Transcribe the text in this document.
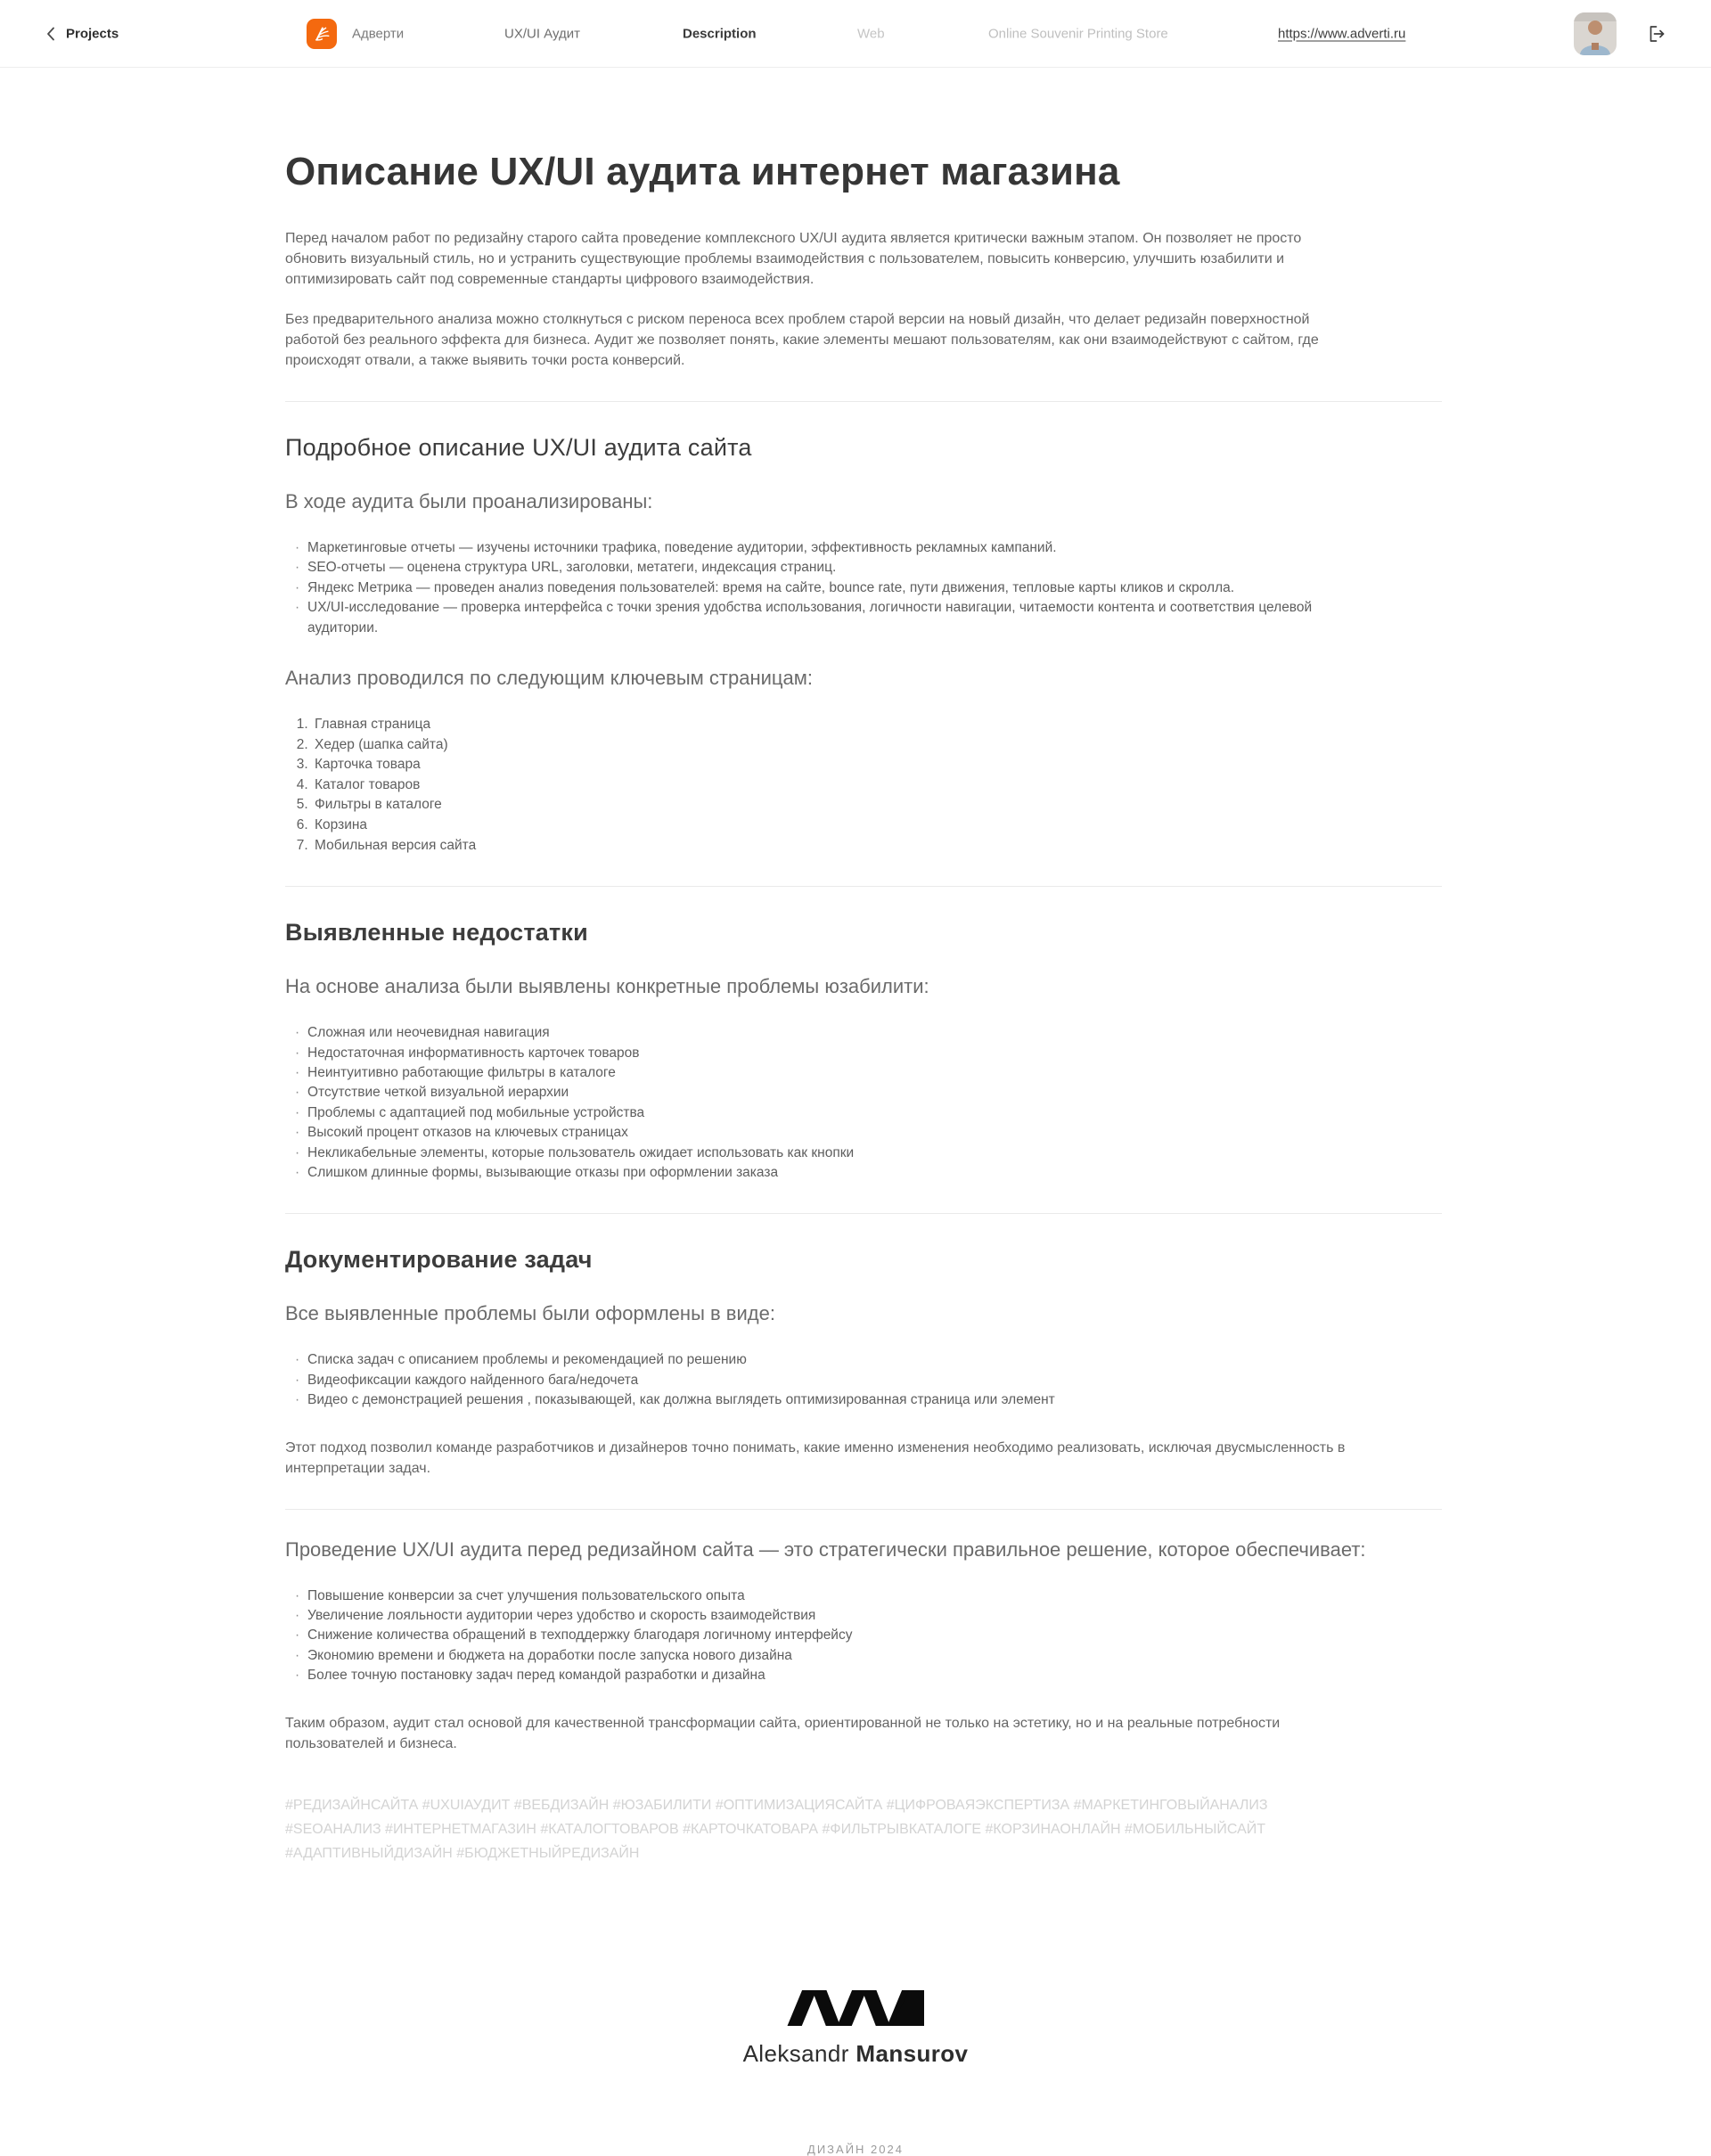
Projects	Адверти	UX/UI Аудит	Description	Web	Online Souvenir Printing Store	https://www.adverti.ru
Описание UX/UI аудита интернет магазина

Перед началом работ по редизайну старого сайта проведение комплексного UX/UI аудита является критически важным этапом. Он позволяет не просто обновить визуальный стиль, но и устранить существующие проблемы взаимодействия с пользователем, повысить конверсию, улучшить юзабилити и оптимизировать сайт под современные стандарты цифрового взаимодействия.

Без предварительного анализа можно столкнуться с риском переноса всех проблем старой версии на новый дизайн, что делает редизайн поверхностной работой без реального эффекта для бизнеса. Аудит же позволяет понять, какие элементы мешают пользователям, как они взаимодействуют с сайтом, где происходят отвали, а также выявить точки роста конверсий.

Подробное описание UX/UI аудита сайта
В ходе аудита были проанализированы:
· Маркетинговые отчеты — изучены источники трафика, поведение аудитории, эффективность рекламных кампаний.
· SEO-отчеты — оценена структура URL, заголовки, метатеги, индексация страниц.
· Яндекс Метрика — проведен анализ поведения пользователей: время на сайте, bounce rate, пути движения, тепловые карты кликов и скролла.
· UX/UI-исследование — проверка интерфейса с точки зрения удобства использования, логичности навигации, читаемости контента и соответствия целевой аудитории.
Анализ проводился по следующим ключевым страницам:
1. Главная страница
2. Хедер (шапка сайта)
3. Карточка товара
4. Каталог товаров
5. Фильтры в каталоге
6. Корзина
7. Мобильная версия сайта
Выявленные недостатки
На основе анализа были выявлены конкретные проблемы юзабилити:
· Сложная или неочевидная навигация
· Недостаточная информативность карточек товаров
· Неинтуитивно работающие фильтры в каталоге
· Отсутствие четкой визуальной иерархии
· Проблемы с адаптацией под мобильные устройства
· Высокий процент отказов на ключевых страницах
· Некликабельные элементы, которые пользователь ожидает использовать как кнопки
· Слишком длинные формы, вызывающие отказы при оформлении заказа
Документирование задач
Все выявленные проблемы были оформлены в виде:
· Списка задач с описанием проблемы и рекомендацией по решению
· Видеофиксации каждого найденного бага/недочета
· Видео с демонстрацией решения , показывающей, как должна выглядеть оптимизированная страница или элемент

Этот подход позволил команде разработчиков и дизайнеров точно понимать, какие именно изменения необходимо реализовать, исключая двусмысленность в интерпретации задач.

Проведение UX/UI аудита перед редизайном сайта — это стратегически правильное решение, которое обеспечивает:
· Повышение конверсии за счет улучшения пользовательского опыта
· Увеличение лояльности аудитории через удобство и скорость взаимодействия
· Снижение количества обращений в техподдержку благодаря логичному интерфейсу
· Экономию времени и бюджета на доработки после запуска нового дизайна
· Более точную постановку задач перед командой разработки и дизайна

Таким образом, аудит стал основой для качественной трансформации сайта, ориентированной не только на эстетику, но и на реальные потребности пользователей и бизнеса.

#РЕДИЗАЙНСАЙТА #UXUIАУДИТ #ВЕБДИЗАЙН #ЮЗАБИЛИТИ #ОПТИМИЗАЦИЯСАЙТА #ЦИФРОВАЯЭКСПЕРТИЗА #МАРКЕТИНГОВЫЙАНАЛИЗ
#SEOАНАЛИЗ #ИНТЕРНЕТМАГАЗИН #КАТАЛОГТОВАРОВ #КАРТОЧКАТОВАРА #ФИЛЬТРЫВКАТАЛОГЕ #КОРЗИНАОНЛАЙН #МОБИЛЬНЫЙСАЙТ
#АДАПТИВНЫЙДИЗАЙН #БЮДЖЕТНЫЙРЕДИЗАЙН
Aleksandr Mansurov
ДИЗАЙН 2024
